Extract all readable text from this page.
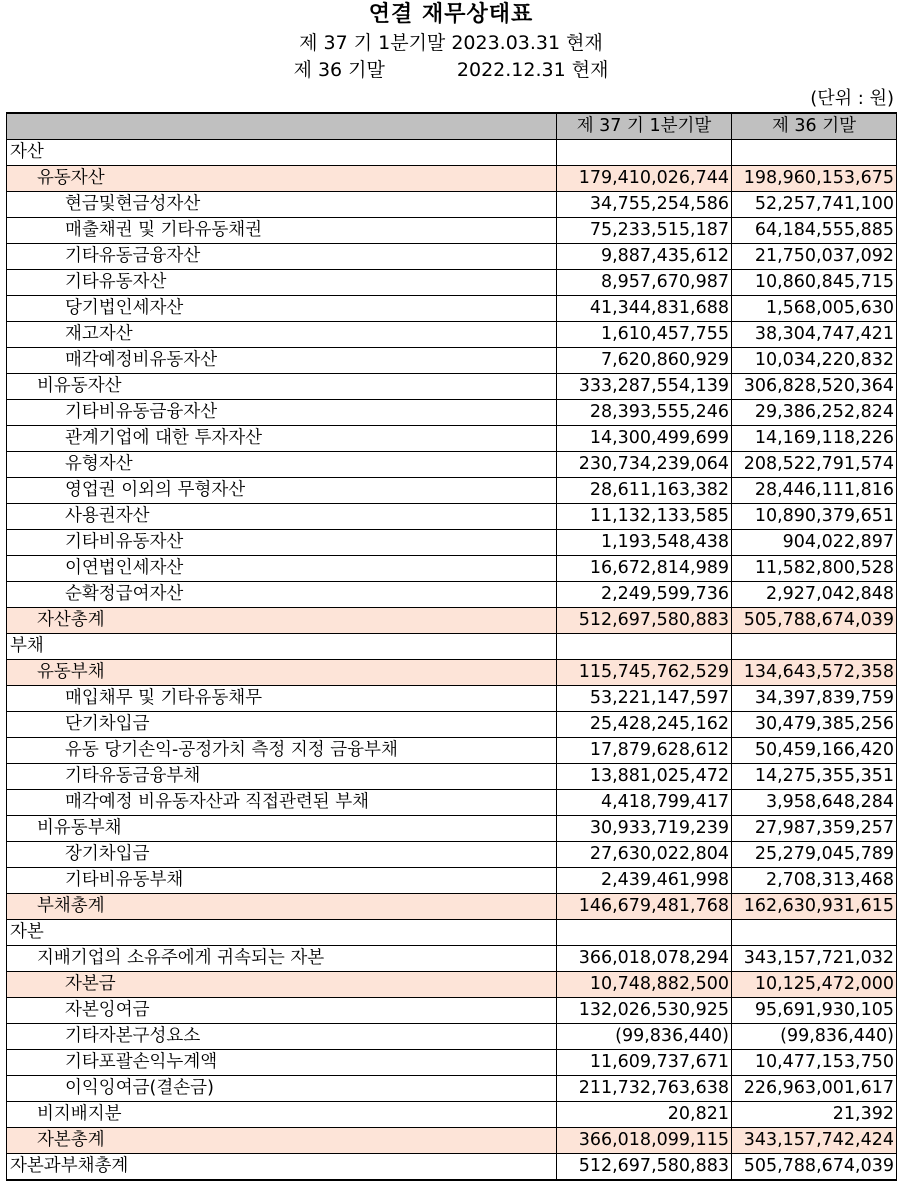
연결 재무상태표
제 37 기 1분기말 2023.03.31 현재
제 36 기말	2022.12.31 현재
(단위 : 원)
	제 37 기 1분기말	제 36 기말
자산		
유동자산	179,410,026,744	198,960,153,675
현금및현금성자산	34,755,254,586	52,257,741,100
매출채권 및 기타유동채권	75,233,515,187	64,184,555,885
기타유동금융자산	9,887,435,612	21,750,037,092
기타유동자산	8,957,670,987	10,860,845,715
당기법인세자산	41,344,831,688	1,568,005,630
재고자산	1,610,457,755	38,304,747,421
매각예정비유동자산	7,620,860,929	10,034,220,832
비유동자산	333,287,554,139	306,828,520,364
기타비유동금융자산	28,393,555,246	29,386,252,824
관계기업에 대한 투자자산	14,300,499,699	14,169,118,226
유형자산	230,734,239,064	208,522,791,574
영업권 이외의 무형자산	28,611,163,382	28,446,111,816
사용권자산	11,132,133,585	10,890,379,651
기타비유동자산	1,193,548,438	904,022,897
이연법인세자산	16,672,814,989	11,582,800,528
순확정급여자산	2,249,599,736	2,927,042,848
자산총계	512,697,580,883	505,788,674,039
부채		
유동부채	115,745,762,529	134,643,572,358
매입채무 및 기타유동채무	53,221,147,597	34,397,839,759
단기차입금	25,428,245,162	30,479,385,256
유동 당기손익-공정가치 측정 지정 금융부채	17,879,628,612	50,459,166,420
기타유동금융부채	13,881,025,472	14,275,355,351
매각예정 비유동자산과 직접관련된 부채	4,418,799,417	3,958,648,284
비유동부채	30,933,719,239	27,987,359,257
장기차입금	27,630,022,804	25,279,045,789
기타비유동부채	2,439,461,998	2,708,313,468
부채총계	146,679,481,768	162,630,931,615
자본		
지배기업의 소유주에게 귀속되는 자본	366,018,078,294	343,157,721,032
자본금	10,748,882,500	10,125,472,000
자본잉여금	132,026,530,925	95,691,930,105
기타자본구성요소	(99,836,440)	(99,836,440)
기타포괄손익누계액	11,609,737,671	10,477,153,750
이익잉여금(결손금)	211,732,763,638	226,963,001,617
비지배지분	20,821	21,392
자본총계	366,018,099,115	343,157,742,424
자본과부채총계	512,697,580,883	505,788,674,039
